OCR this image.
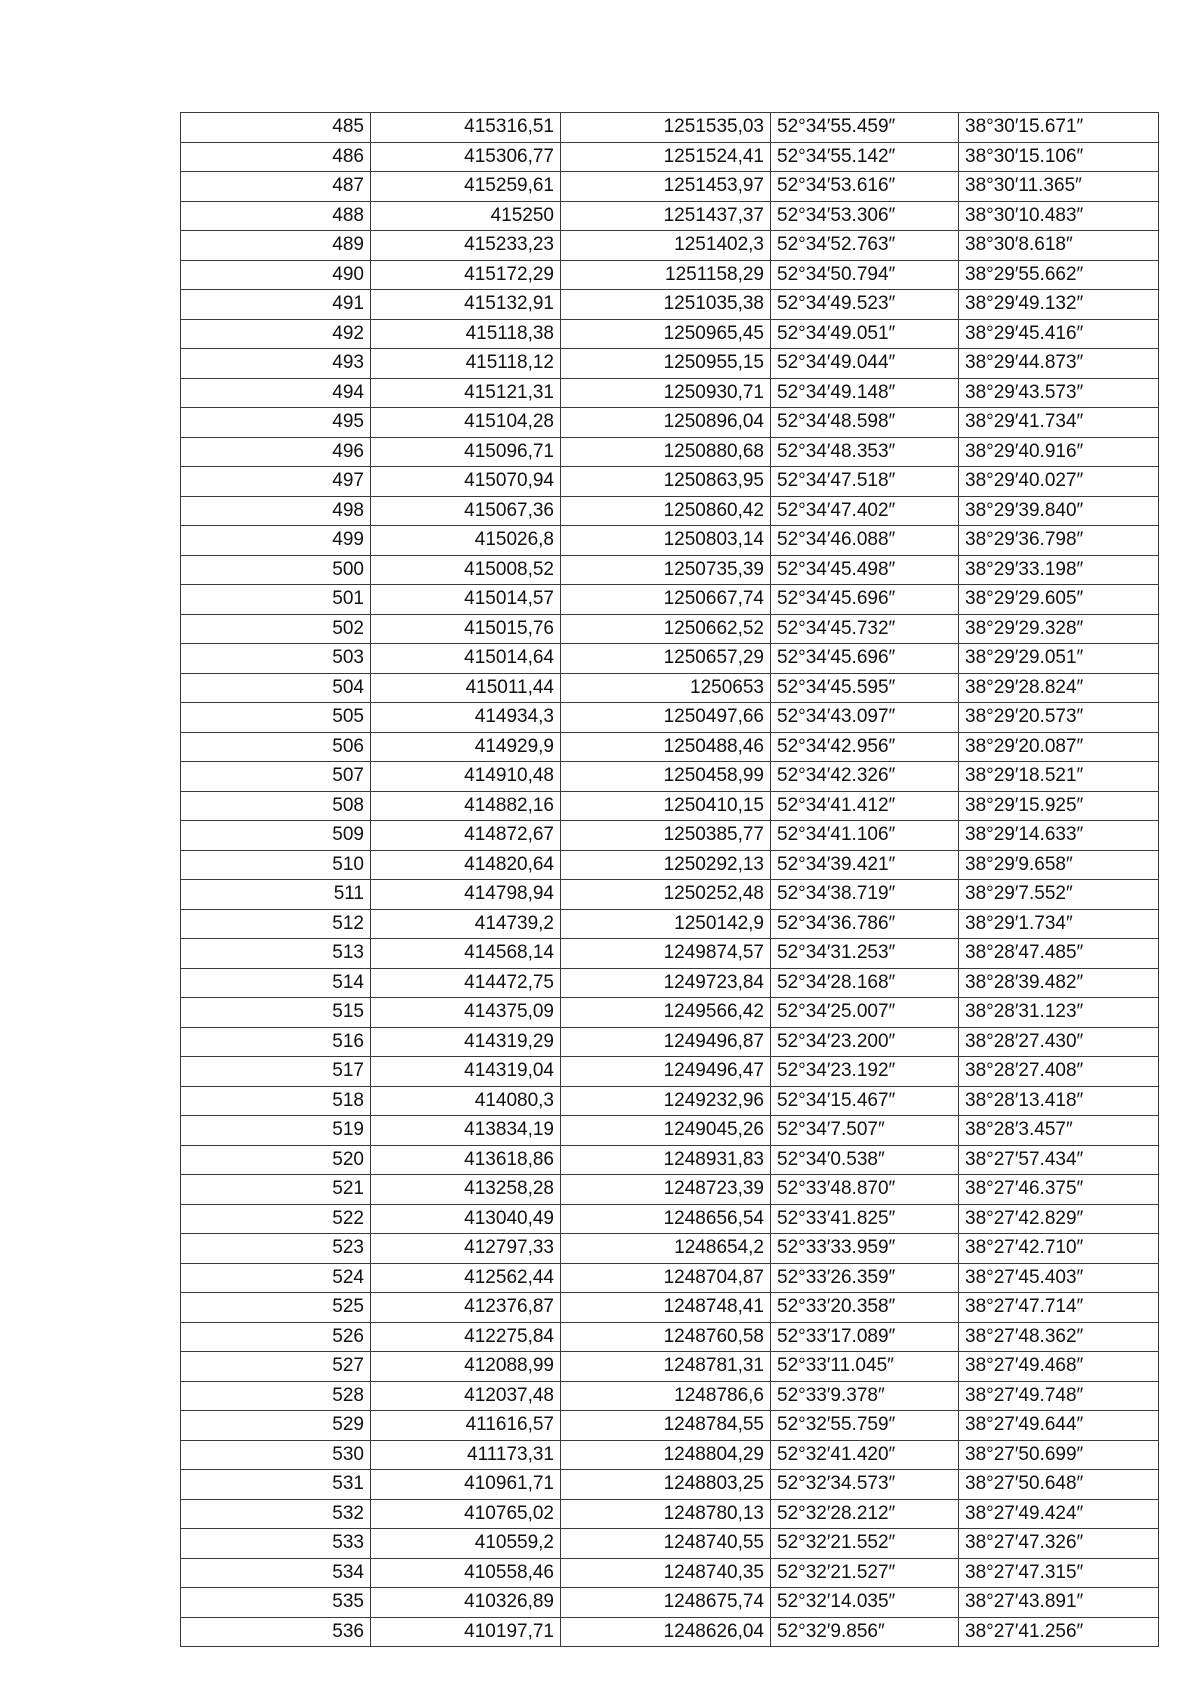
485	415316,51	1251535,03	52°34′55.459″	38°30′15.671″
486	415306,77	1251524,41	52°34′55.142″	38°30′15.106″
487	415259,61	1251453,97	52°34′53.616″	38°30′11.365″
488	415250	1251437,37	52°34′53.306″	38°30′10.483″
489	415233,23	1251402,3	52°34′52.763″	38°30′8.618″
490	415172,29	1251158,29	52°34′50.794″	38°29′55.662″
491	415132,91	1251035,38	52°34′49.523″	38°29′49.132″
492	415118,38	1250965,45	52°34′49.051″	38°29′45.416″
493	415118,12	1250955,15	52°34′49.044″	38°29′44.873″
494	415121,31	1250930,71	52°34′49.148″	38°29′43.573″
495	415104,28	1250896,04	52°34′48.598″	38°29′41.734″
496	415096,71	1250880,68	52°34′48.353″	38°29′40.916″
497	415070,94	1250863,95	52°34′47.518″	38°29′40.027″
498	415067,36	1250860,42	52°34′47.402″	38°29′39.840″
499	415026,8	1250803,14	52°34′46.088″	38°29′36.798″
500	415008,52	1250735,39	52°34′45.498″	38°29′33.198″
501	415014,57	1250667,74	52°34′45.696″	38°29′29.605″
502	415015,76	1250662,52	52°34′45.732″	38°29′29.328″
503	415014,64	1250657,29	52°34′45.696″	38°29′29.051″
504	415011,44	1250653	52°34′45.595″	38°29′28.824″
505	414934,3	1250497,66	52°34′43.097″	38°29′20.573″
506	414929,9	1250488,46	52°34′42.956″	38°29′20.087″
507	414910,48	1250458,99	52°34′42.326″	38°29′18.521″
508	414882,16	1250410,15	52°34′41.412″	38°29′15.925″
509	414872,67	1250385,77	52°34′41.106″	38°29′14.633″
510	414820,64	1250292,13	52°34′39.421″	38°29′9.658″
511	414798,94	1250252,48	52°34′38.719″	38°29′7.552″
512	414739,2	1250142,9	52°34′36.786″	38°29′1.734″
513	414568,14	1249874,57	52°34′31.253″	38°28′47.485″
514	414472,75	1249723,84	52°34′28.168″	38°28′39.482″
515	414375,09	1249566,42	52°34′25.007″	38°28′31.123″
516	414319,29	1249496,87	52°34′23.200″	38°28′27.430″
517	414319,04	1249496,47	52°34′23.192″	38°28′27.408″
518	414080,3	1249232,96	52°34′15.467″	38°28′13.418″
519	413834,19	1249045,26	52°34′7.507″	38°28′3.457″
520	413618,86	1248931,83	52°34′0.538″	38°27′57.434″
521	413258,28	1248723,39	52°33′48.870″	38°27′46.375″
522	413040,49	1248656,54	52°33′41.825″	38°27′42.829″
523	412797,33	1248654,2	52°33′33.959″	38°27′42.710″
524	412562,44	1248704,87	52°33′26.359″	38°27′45.403″
525	412376,87	1248748,41	52°33′20.358″	38°27′47.714″
526	412275,84	1248760,58	52°33′17.089″	38°27′48.362″
527	412088,99	1248781,31	52°33′11.045″	38°27′49.468″
528	412037,48	1248786,6	52°33′9.378″	38°27′49.748″
529	411616,57	1248784,55	52°32′55.759″	38°27′49.644″
530	411173,31	1248804,29	52°32′41.420″	38°27′50.699″
531	410961,71	1248803,25	52°32′34.573″	38°27′50.648″
532	410765,02	1248780,13	52°32′28.212″	38°27′49.424″
533	410559,2	1248740,55	52°32′21.552″	38°27′47.326″
534	410558,46	1248740,35	52°32′21.527″	38°27′47.315″
535	410326,89	1248675,74	52°32′14.035″	38°27′43.891″
536	410197,71	1248626,04	52°32′9.856″	38°27′41.256″
